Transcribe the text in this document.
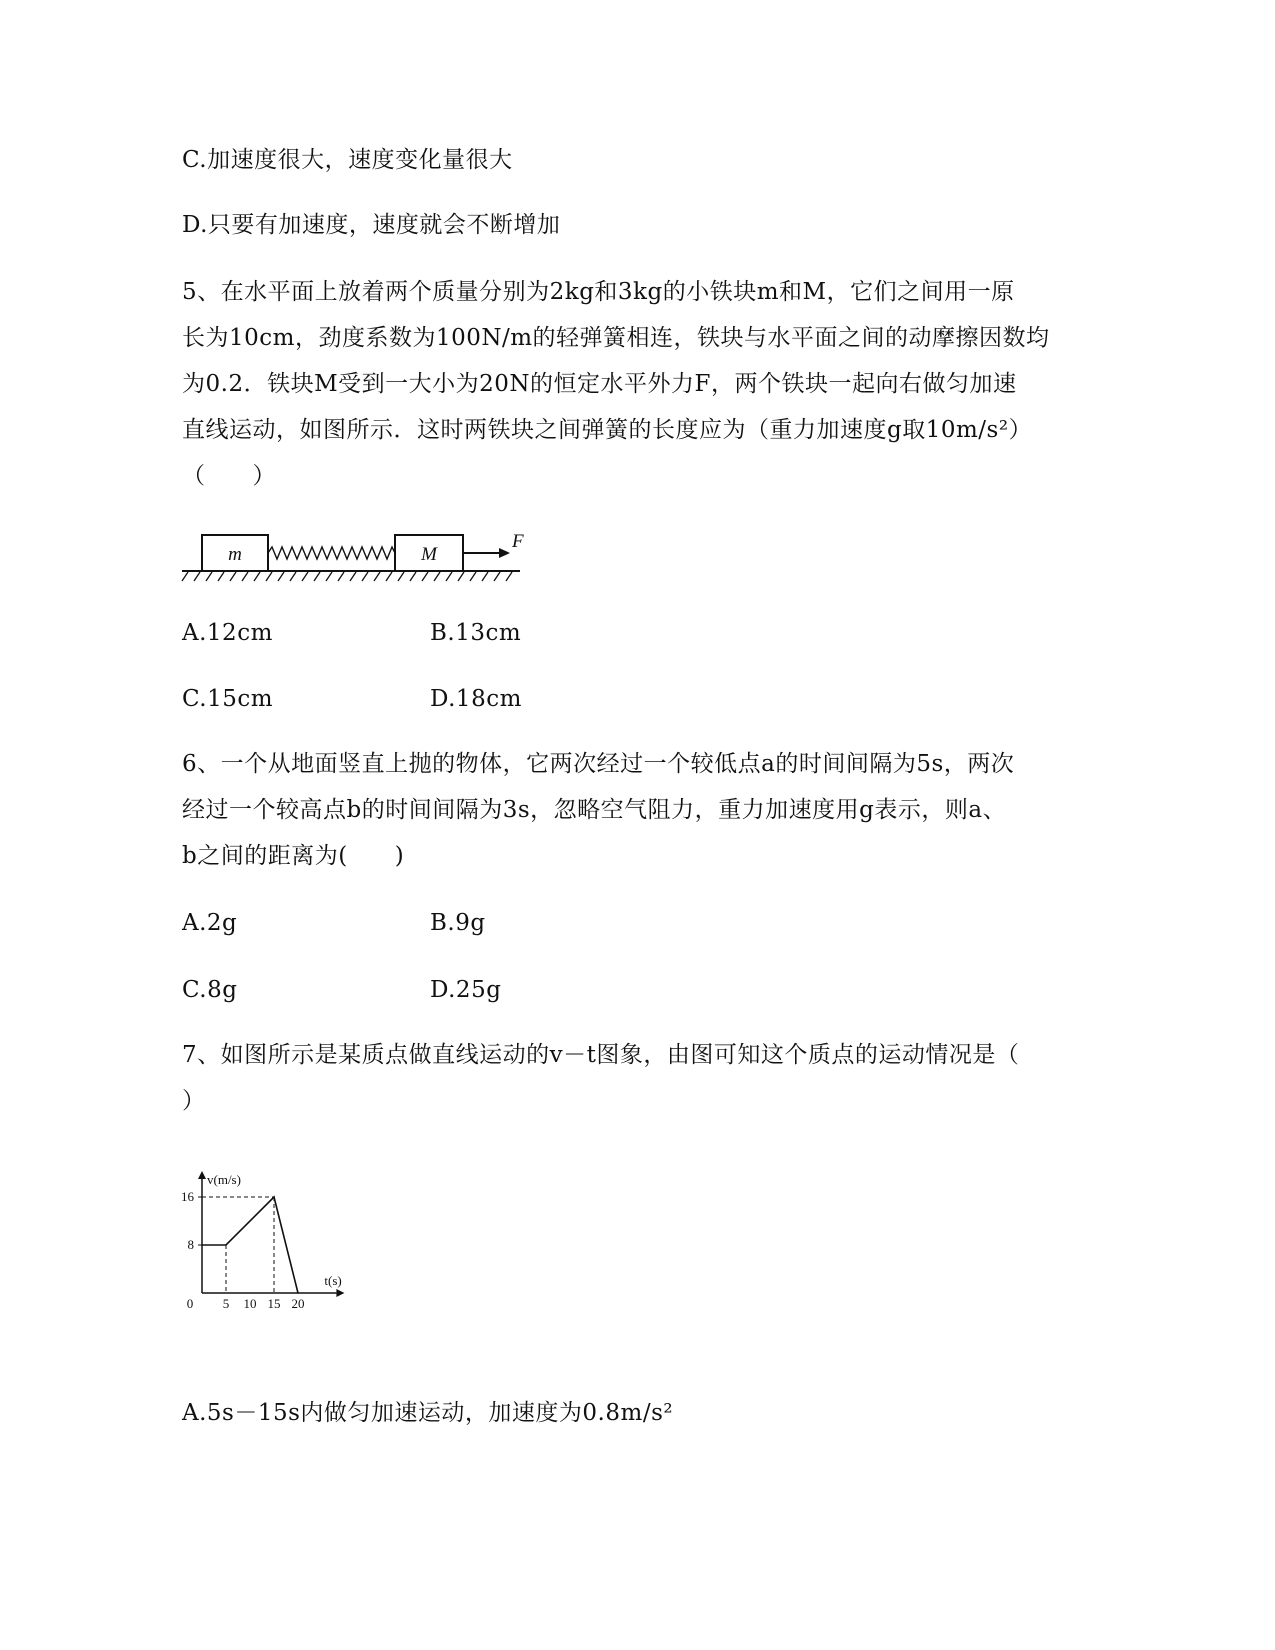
C.加速度很大，速度变化量很大
D.只要有加速度，速度就会不断增加
5、在水平面上放着两个质量分别为2kg和3kg的小铁块m和M，它们之间用一原
长为10cm，劲度系数为100N/m的轻弹簧相连，铁块与水平面之间的动摩擦因数均
为0.2．铁块M受到一大小为20N的恒定水平外力F，两个铁块一起向右做匀加速
直线运动，如图所示．这时两铁块之间弹簧的长度应为（重力加速度g取10m/s²）
（　　）
m	M
F
A.12cm	B.13cm
C.15cm	D.18cm
6、一个从地面竖直上抛的物体，它两次经过一个较低点a的时间间隔为5s，两次
经过一个较高点b的时间间隔为3s，忽略空气阻力，重力加速度用g表示，则a、
b之间的距离为(　　)
A.2g	B.9g
C.8g	D.25g
7、如图所示是某质点做直线运动的v－t图象，由图可知这个质点的运动情况是（
）
v(m/s)
t(s)
0 5 10 15 20
8
16
A.5s－15s内做匀加速运动，加速度为0.8m/s²
